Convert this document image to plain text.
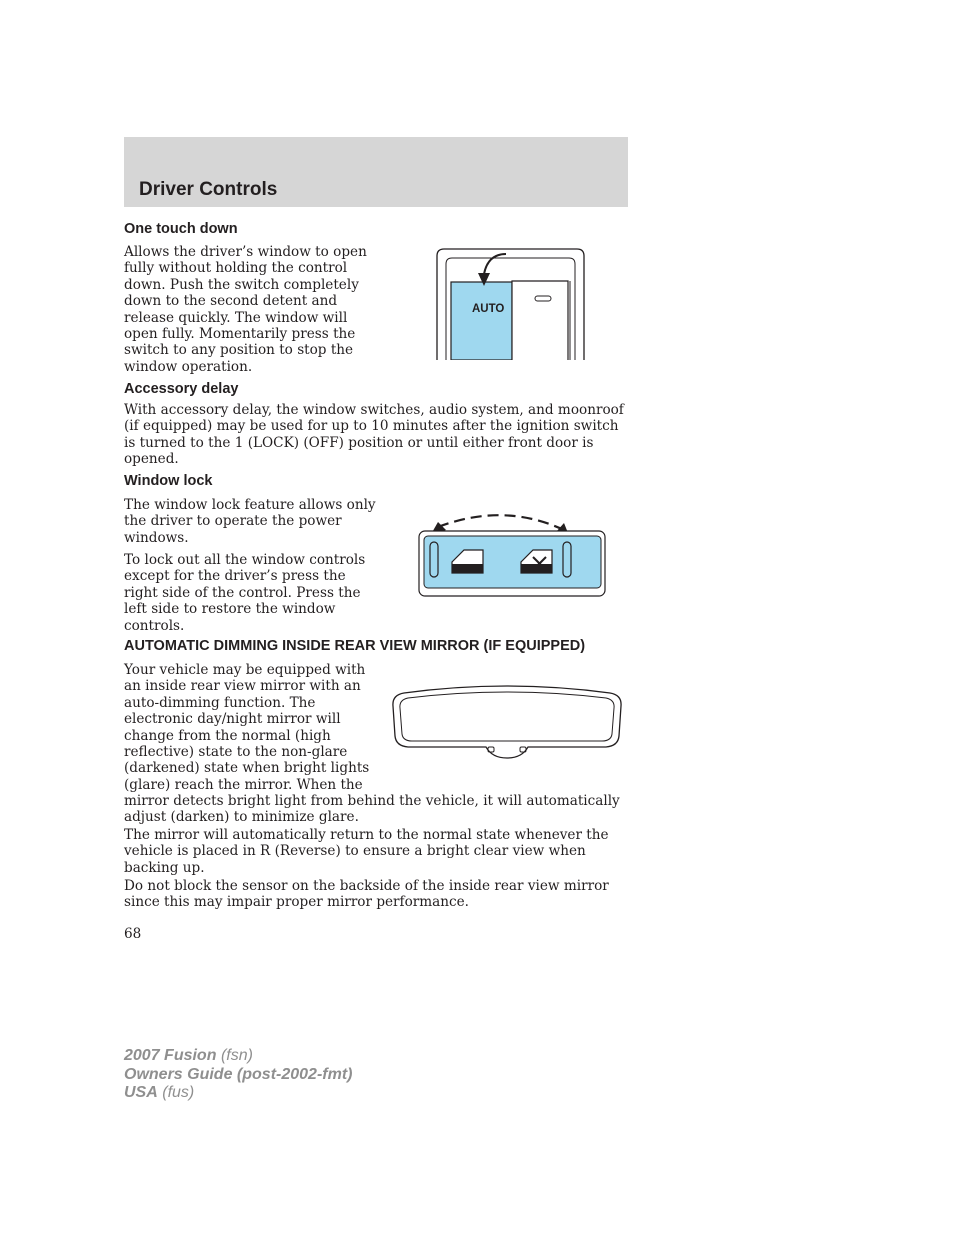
Driver Controls
One touch down

Allows the driver’s window to open
fully without holding the control
down. Push the switch completely
down to the second detent and
release quickly. The window will
open fully. Momentarily press the
switch to any position to stop the
window operation.

AUTO
Accessory delay

With accessory delay, the window switches, audio system, and moonroof
(if equipped) may be used for up to 10 minutes after the ignition switch
is turned to the 1 (LOCK) (OFF) position or until either front door is
opened.

Window lock

The window lock feature allows only
the driver to operate the power
windows.

To lock out all the window controls
except for the driver’s press the
right side of the control. Press the
left side to restore the window
controls.

AUTOMATIC DIMMING INSIDE REAR VIEW MIRROR (IF EQUIPPED)

Your vehicle may be equipped with
an inside rear view mirror with an
auto-dimming function. The
electronic day/night mirror will
change from the normal (high
reflective) state to the non-glare
(darkened) state when bright lights
(glare) reach the mirror. When the

mirror detects bright light from behind the vehicle, it will automatically
adjust (darken) to minimize glare.

The mirror will automatically return to the normal state whenever the
vehicle is placed in R (Reverse) to ensure a bright clear view when
backing up.

Do not block the sensor on the backside of the inside rear view mirror
since this may impair proper mirror performance.

68
2007 Fusion (fsn)
Owners Guide (post-2002-fmt)
USA (fus)
